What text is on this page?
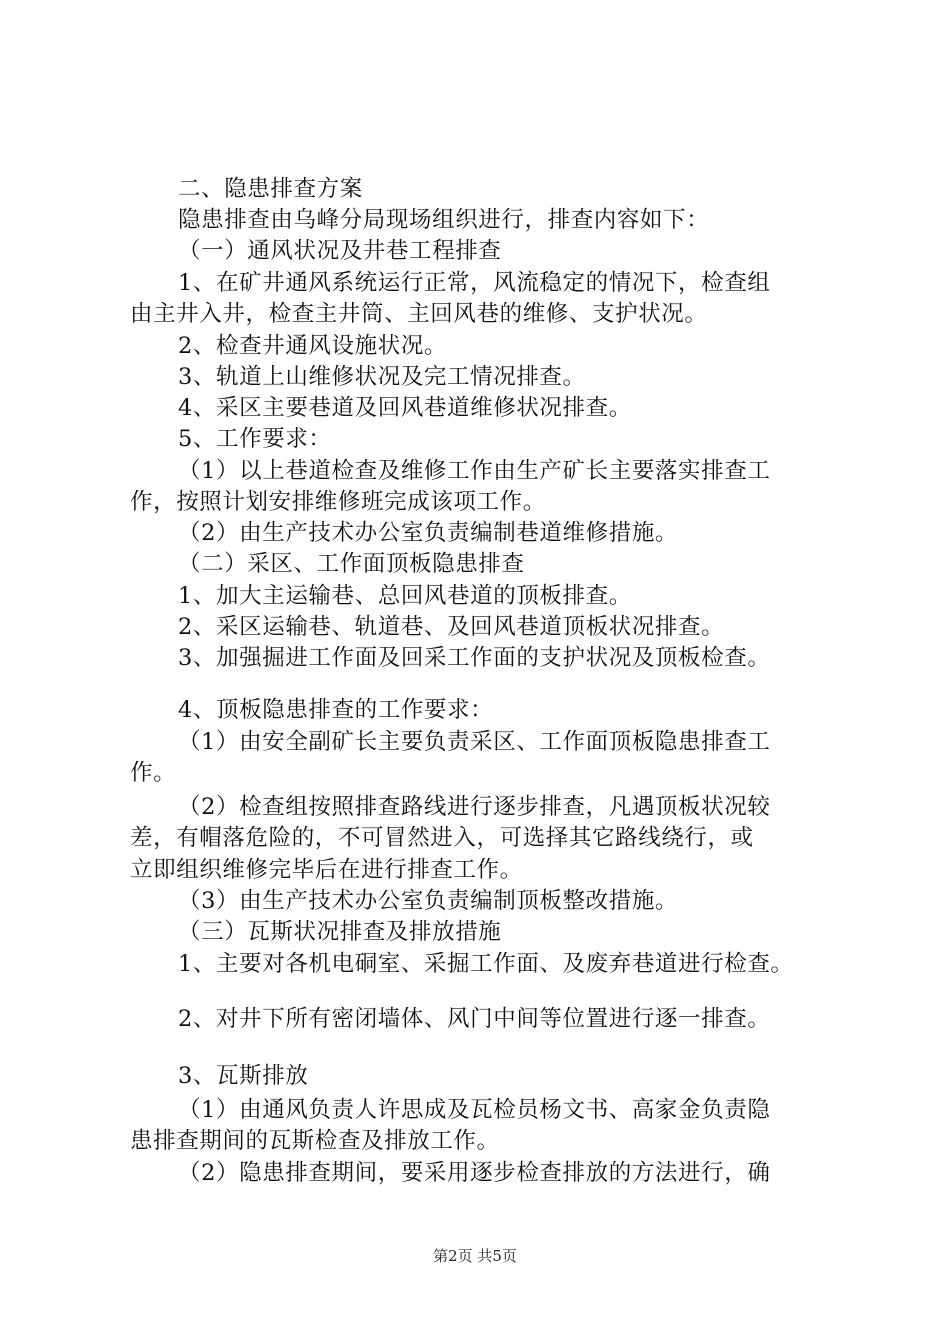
二、隐患排查方案
隐患排查由乌峰分局现场组织进行，排查内容如下：
（一）通风状况及井巷工程排查
1、在矿井通风系统运行正常，风流稳定的情况下，检查组
由主井入井，检查主井筒、主回风巷的维修、支护状况。
2、检查井通风设施状况。
3、轨道上山维修状况及完工情况排查。
4、采区主要巷道及回风巷道维修状况排查。
5、工作要求：
（1）以上巷道检查及维修工作由生产矿长主要落实排查工
作，按照计划安排维修班完成该项工作。
（2）由生产技术办公室负责编制巷道维修措施。
（二）采区、工作面顶板隐患排查
1、加大主运输巷、总回风巷道的顶板排查。
2、采区运输巷、轨道巷、及回风巷道顶板状况排查。
3、加强掘进工作面及回采工作面的支护状况及顶板检查。
4、顶板隐患排查的工作要求：
（1）由安全副矿长主要负责采区、工作面顶板隐患排查工
作。
（2）检查组按照排查路线进行逐步排查，凡遇顶板状况较
差，有帽落危险的，不可冒然进入，可选择其它路线绕行，或
立即组织维修完毕后在进行排查工作。
（3）由生产技术办公室负责编制顶板整改措施。
（三）瓦斯状况排查及排放措施
1、主要对各机电硐室、采掘工作面、及废弃巷道进行检查。
2、对井下所有密闭墙体、风门中间等位置进行逐一排查。
3、瓦斯排放
（1）由通风负责人许思成及瓦检员杨文书、高家金负责隐
患排查期间的瓦斯检查及排放工作。
（2）隐患排查期间，要采用逐步检查排放的方法进行，确
第2页 共5页
